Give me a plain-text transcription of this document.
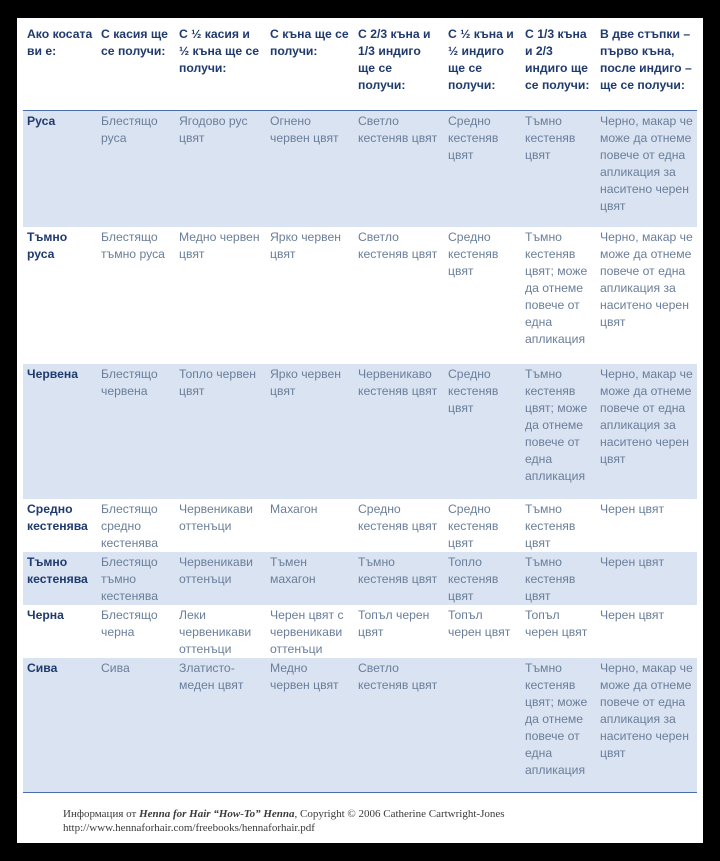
Ако косата ви е:	С касия ще се получи:	С ½ касия и ½ къна ще се получи:	С къна ще се получи:	С 2/3 къна и 1/3 индиго ще се получи:	С ½ къна и ½ индиго ще се получи:	С 1/3 къна и 2/3 индиго ще се получи:	В две стъпки – първо къна, после индиго – ще се получи:
Руса	Блестящо руса	Ягодово рус цвят	Огнено червен цвят	Светло кестеняв цвят	Средно кестеняв цвят	Тъмно кестеняв цвят	Черно, макар че може да отнеме повече от една апликация за наситено черен цвят
Тъмно руса	Блестящо тъмно руса	Медно червен цвят	Ярко червен цвят	Светло кестеняв цвят	Средно кестеняв цвят	Тъмно кестеняв цвят; може да отнеме повече от една апликация	Черно, макар че може да отнеме повече от една апликация за наситено черен цвят
Червена	Блестящо червена	Топло червен цвят	Ярко червен цвят	Червеникаво кестеняв цвят	Средно кестеняв цвят	Тъмно кестеняв цвят; може да отнеме повече от една апликация	Черно, макар че може да отнеме повече от една апликация за наситено черен цвят
Средно кестенява	Блестящо средно кестенява	Червеникави оттенъци	Махагон	Средно кестеняв цвят	Средно кестеняв цвят	Тъмно кестеняв цвят	Черен цвят
Тъмно кестенява	Блестящо тъмно кестенява	Червеникави оттенъци	Тъмен махагон	Тъмно кестеняв цвят	Топло кестеняв цвят	Тъмно кестеняв цвят	Черен цвят
Черна	Блестящо черна	Леки червеникави оттенъци	Черен цвят с червеникави оттенъци	Топъл черен цвят	Топъл черен цвят	Топъл черен цвят	Черен цвят
Сива	Сива	Златисто-меден цвят	Медно червен цвят	Светло кестеняв цвят		Тъмно кестеняв цвят; може да отнеме повече от една апликация	Черно, макар че може да отнеме повече от една апликация за наситено черен цвят
Информация от Henna for Hair “How-To” Henna, Copyright © 2006 Catherine Cartwright-Jones
http://www.hennaforhair.com/freebooks/hennaforhair.pdf
